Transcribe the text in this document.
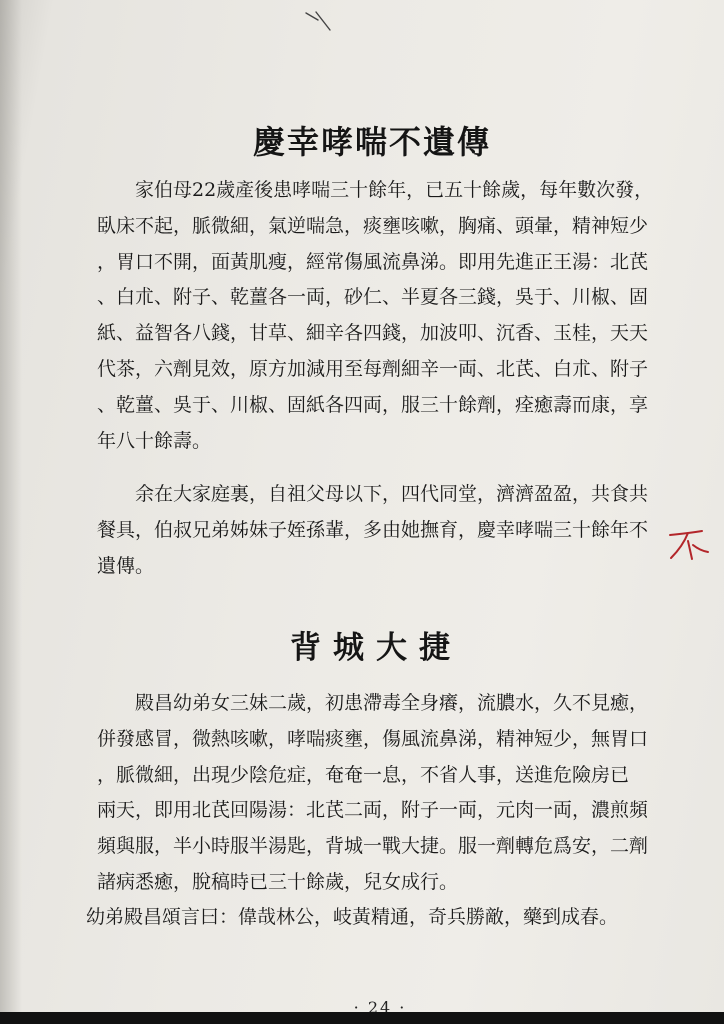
慶幸哮喘不遺傳

家伯母22歲產後患哮喘三十餘年，已五十餘歲，每年數次發，
臥床不起，脈微細，氣逆喘急，痰壅咳嗽，胸痛、頭暈，精神短少
，胃口不開，面黃肌瘦，經常傷風流鼻涕。即用先進正王湯：北芪
、白朮、附子、乾薑各一両，砂仁、半夏各三錢，吳于、川椒、固
紙、益智各八錢，甘草、細辛各四錢，加波叩、沉香、玉桂，天天
代茶，六劑見效，原方加減用至每劑細辛一両、北芪、白朮、附子
、乾薑、吳于、川椒、固紙各四両，服三十餘劑，痊癒壽而康，享
年八十餘壽。

余在大家庭裏，自祖父母以下，四代同堂，濟濟盈盈，共食共
餐具，伯叔兄弟姊妹子姪孫輩，多由她撫育，慶幸哮喘三十餘年不
遺傳。

不
背城大捷

殿昌幼弟女三妹二歲，初患滯毒全身癢，流膿水，久不見癒，
併發感冒，微熱咳嗽，哮喘痰壅，傷風流鼻涕，精神短少，無胃口
，脈微細，出現少陰危症，奄奄一息，不省人事，送進危險房已
兩天，即用北芪回陽湯：北芪二両，附子一両，元肉一両，濃煎頻
頻與服，半小時服半湯匙，背城一戰大捷。服一劑轉危爲安，二劑
諸病悉癒，脫稿時已三十餘歲，兒女成行。

幼弟殿昌頌言曰：偉哉林公，岐黃精通，奇兵勝敵，藥到成春。

· 24 ·
